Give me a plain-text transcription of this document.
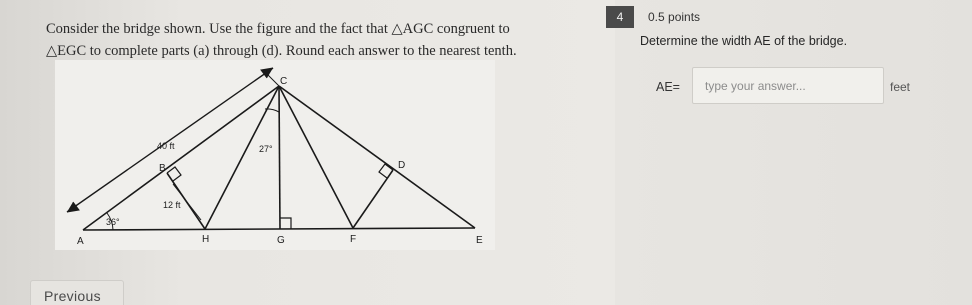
Consider the bridge shown. Use the figure and the fact that △AGC congruent to
△EGC to complete parts (a) through (d). Round each answer to the nearest tenth.
A
B
C
D
E
F
G
H
40 ft
12 ft
36°
27°
Previous
4	0.5 points
Determine the width AE of the bridge.
AE=
type your answer...	feet
